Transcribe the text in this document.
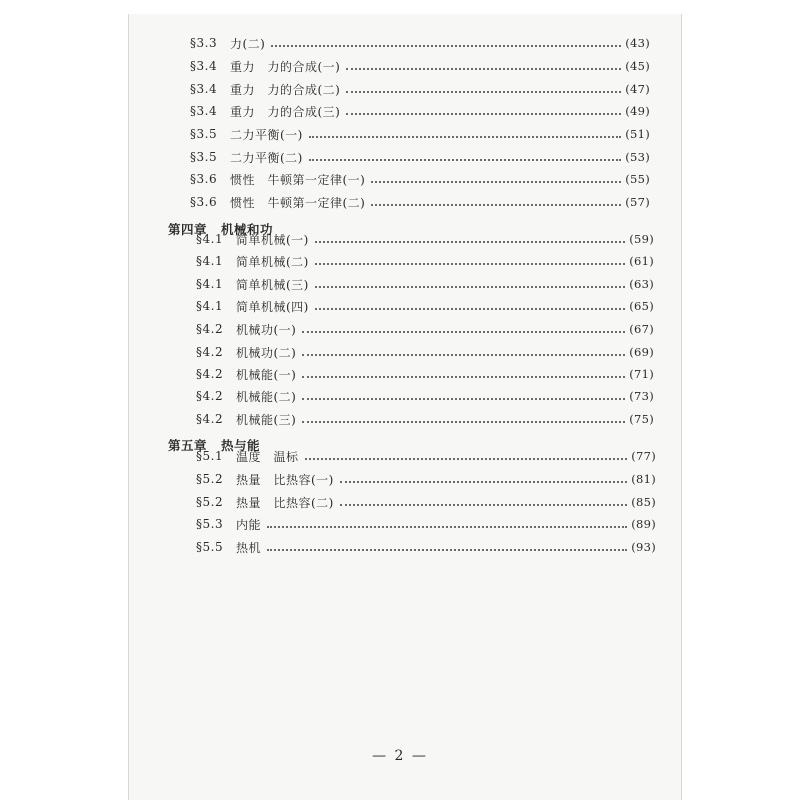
§3.3	力(二)	(43)
§3.4	重力　力的合成(一)	(45)
§3.4	重力　力的合成(二)	(47)
§3.4	重力　力的合成(三)	(49)
§3.5	二力平衡(一)	(51)
§3.5	二力平衡(二)	(53)
§3.6	惯性　牛顿第一定律(一)	(55)
§3.6	惯性　牛顿第一定律(二)	(57)
第四章 机械和功
§4.1	简单机械(一)	(59)
§4.1	简单机械(二)	(61)
§4.1	简单机械(三)	(63)
§4.1	简单机械(四)	(65)
§4.2	机械功(一)	(67)
§4.2	机械功(二)	(69)
§4.2	机械能(一)	(71)
§4.2	机械能(二)	(73)
§4.2	机械能(三)	(75)
第五章 热与能
§5.1	温度　温标	(77)
§5.2	热量　比热容(一)	(81)
§5.2	热量　比热容(二)	(85)
§5.3	内能	(89)
§5.5	热机	(93)
— 2 —
